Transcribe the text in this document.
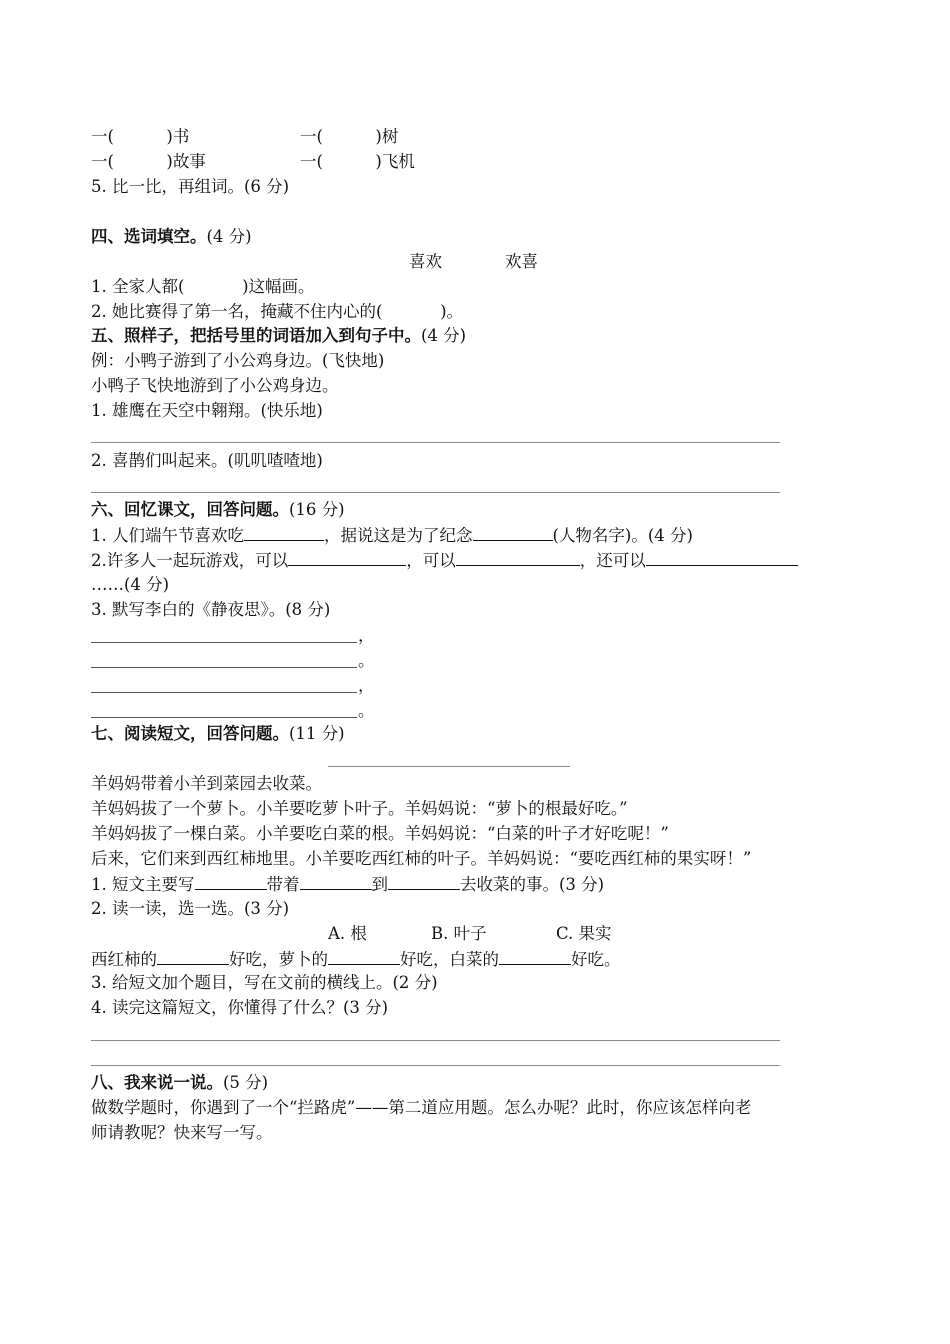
一(	)书	一(	)树
一(	)故事	一(	)飞机
5. 比一比，再组词。(6 分)
四、选词填空。(4 分)
喜欢	欢喜
1. 全家人都(           )这幅画。
2. 她比赛得了第一名，掩藏不住内心的(           )。
五、照样子，把括号里的词语加入到句子中。(4 分)
例：小鸭子游到了小公鸡身边。(飞快地)
小鸭子飞快地游到了小公鸡身边。
1. 雄鹰在天空中翱翔。(快乐地)
2. 喜鹊们叫起来。(叽叽喳喳地)
六、回忆课文，回答问题。(16 分)
1. 人们端午节喜欢吃	，据说这是为了纪念	(人物名字)。(4 分)
2.许多人一起玩游戏，可以	，可以	，还可以
……(4 分)
3. 默写李白的《静夜思》。(8 分)
，
。
，
。
七、阅读短文，回答问题。(11 分)
羊妈妈带着小羊到菜园去收菜。
羊妈妈拔了一个萝卜。小羊要吃萝卜叶子。羊妈妈说：“萝卜的根最好吃。”
羊妈妈拔了一棵白菜。小羊要吃白菜的根。羊妈妈说：“白菜的叶子才好吃呢！”
后来，它们来到西红柿地里。小羊要吃西红柿的叶子。羊妈妈说：“要吃西红柿的果实呀！”
1. 短文主要写	带着	到	去收菜的事。(3 分)
2. 读一读，选一选。(3 分)
A. 根	B. 叶子	C. 果实
西红柿的	好吃，萝卜的	好吃，白菜的	好吃。
3. 给短文加个题目，写在文前的横线上。(2 分)
4. 读完这篇短文，你懂得了什么？(3 分)
八、我来说一说。(5 分)
做数学题时，你遇到了一个“拦路虎”——第二道应用题。怎么办呢？此时，你应该怎样向老
师请教呢？快来写一写。
